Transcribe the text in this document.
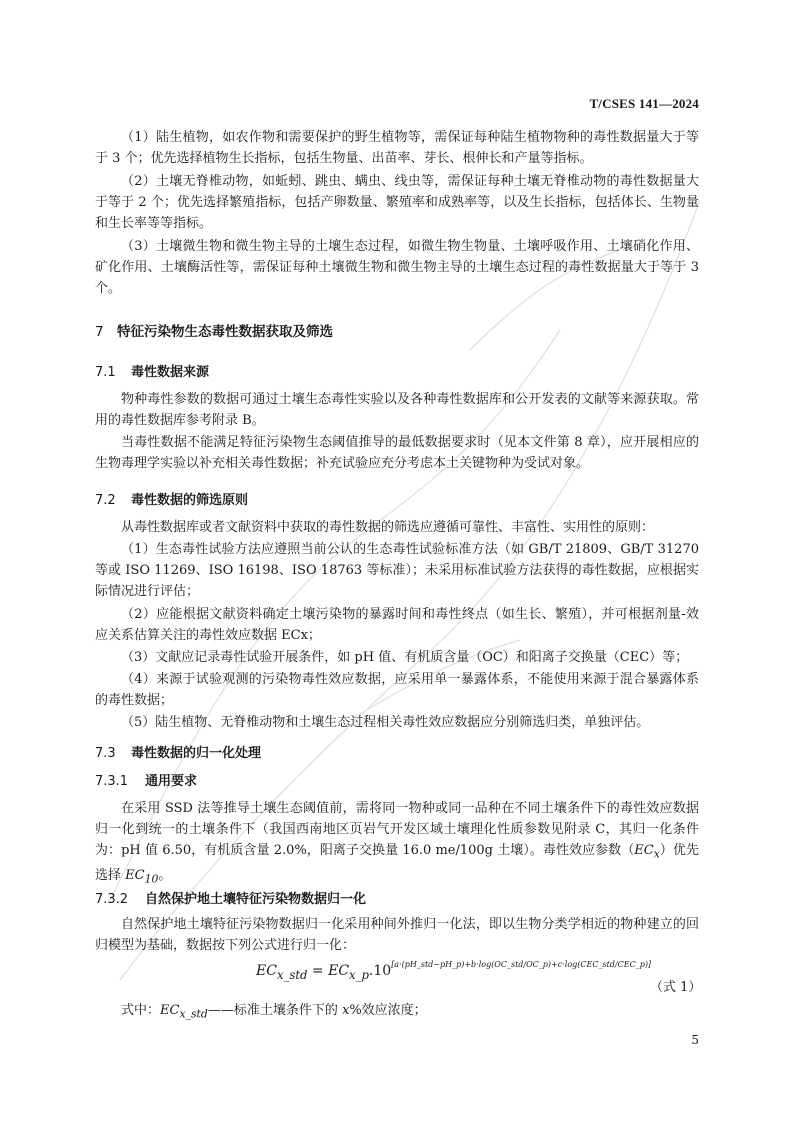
T/CSES 141—2024

（1）陆生植物，如农作物和需要保护的野生植物等，需保证每种陆生植物物种的毒性数据量大于等于 3 个；优先选择植物生长指标，包括生物量、出苗率、芽长、根伸长和产量等指标。

（2）土壤无脊椎动物，如蚯蚓、跳虫、螨虫、线虫等，需保证每种土壤无脊椎动物的毒性数据量大于等于 2 个；优先选择繁殖指标，包括产卵数量、繁殖率和成熟率等，以及生长指标，包括体长、生物量和生长率等等指标。

（3）土壤微生物和微生物主导的土壤生态过程，如微生物生物量、土壤呼吸作用、土壤硝化作用、矿化作用、土壤酶活性等，需保证每种土壤微生物和微生物主导的土壤生态过程的毒性数据量大于等于 3 个。

7 特征污染物生态毒性数据获取及筛选
7.1 毒性数据来源

物种毒性参数的数据可通过土壤生态毒性实验以及各种毒性数据库和公开发表的文献等来源获取。常用的毒性数据库参考附录 B。

当毒性数据不能满足特征污染物生态阈值推导的最低数据要求时（见本文件第 8 章），应开展相应的生物毒理学实验以补充相关毒性数据；补充试验应充分考虑本土关键物种为受试对象。

7.2 毒性数据的筛选原则

从毒性数据库或者文献资料中获取的毒性数据的筛选应遵循可靠性、丰富性、实用性的原则：

（1）生态毒性试验方法应遵照当前公认的生态毒性试验标准方法（如 GB/T 21809、GB/T 31270 等或 ISO 11269、ISO 16198、ISO 18763 等标准）；未采用标准试验方法获得的毒性数据，应根据实际情况进行评估；

（2）应能根据文献资料确定土壤污染物的暴露时间和毒性终点（如生长、繁殖），并可根据剂量-效应关系估算关注的毒性效应数据 ECx；

（3）文献应记录毒性试验开展条件，如 pH 值、有机质含量（OC）和阳离子交换量（CEC）等；

（4）来源于试验观测的污染物毒性效应数据，应采用单一暴露体系，不能使用来源于混合暴露体系的毒性数据；

（5）陆生植物、无脊椎动物和土壤生态过程相关毒性效应数据应分别筛选归类，单独评估。

7.3 毒性数据的归一化处理
7.3.1 通用要求

在采用 SSD 法等推导土壤生态阈值前，需将同一物种或同一品种在不同土壤条件下的毒性效应数据归一化到统一的土壤条件下（我国西南地区页岩气开发区域土壤理化性质参数见附录 C，其归一化条件为：pH 值 6.50，有机质含量 2.0%，阳离子交换量 16.0 me/100g 土壤）。毒性效应参数$(EC_x)$优先选择 $EC_{10}$。

7.3.2 自然保护地土壤特征污染物数据归一化

自然保护地土壤特征污染物数据归一化采用种间外推归一化法，即以生物分类学相近的物种建立的回归模型为基础，数据按下列公式进行归一化：

$EC_{x\_std} = EC_{x\_p}.10[a\cdot(pH\_std-pH\_p)+b\cdot\log(OC\_std/OC\_p)+c\cdot\log(CEC\_std/CEC\_p)]$
（式 1）

式中：$EC_{x\_std}——$标准土壤条件下的 x%效应浓度；

5
